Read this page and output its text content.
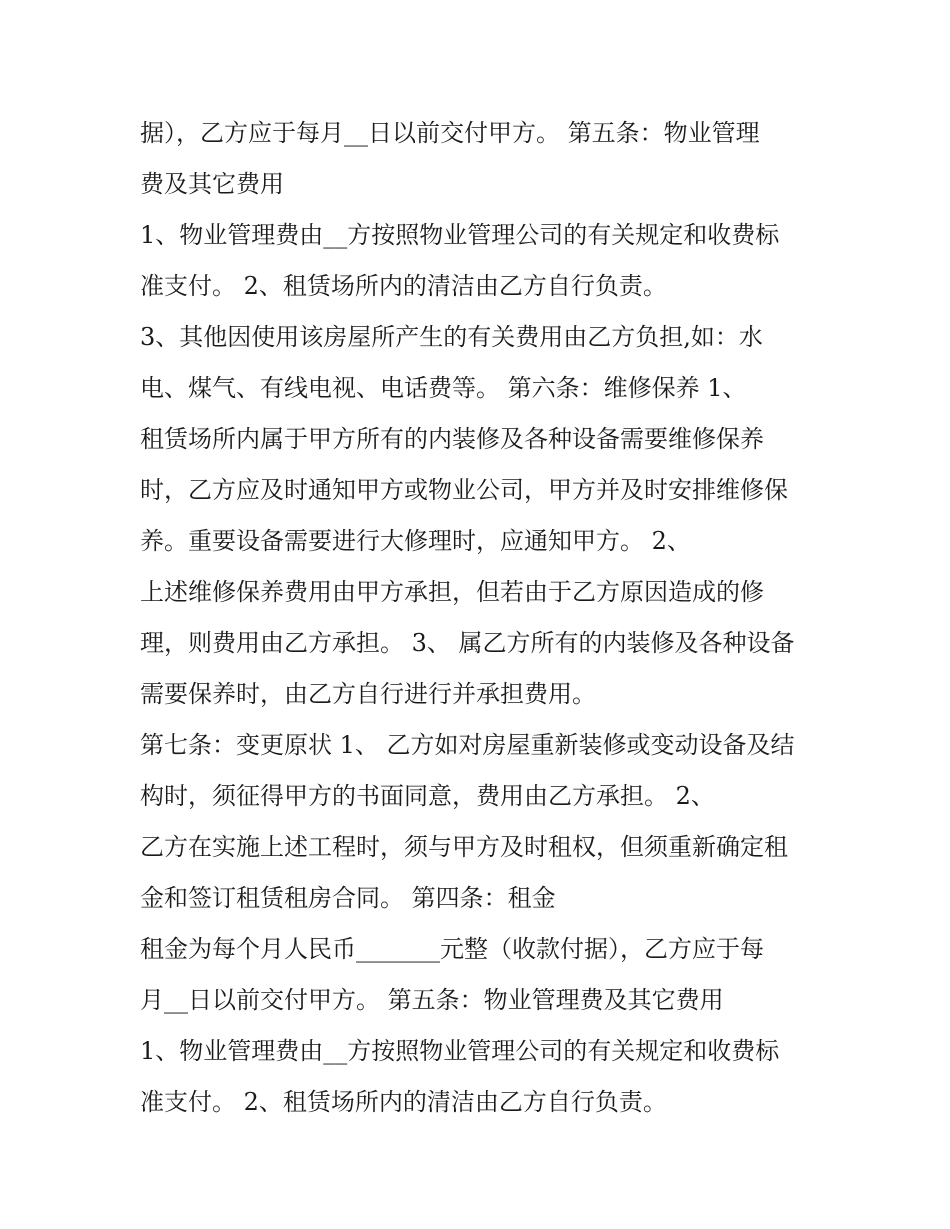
据），乙方应于每月__日以前交付甲方。 第五条：物业管理
费及其它费用
1、物业管理费由__方按照物业管理公司的有关规定和收费标
准支付。 2、租赁场所内的清洁由乙方自行负责。
3、其他因使用该房屋所产生的有关费用由乙方负担,如：水
电、煤气、有线电视、电话费等。 第六条：维修保养 1、
租赁场所内属于甲方所有的内装修及各种设备需要维修保养
时，乙方应及时通知甲方或物业公司，甲方并及时安排维修保
养。重要设备需要进行大修理时，应通知甲方。 2、
上述维修保养费用由甲方承担，但若由于乙方原因造成的修
理，则费用由乙方承担。 3、 属乙方所有的内装修及各种设备
需要保养时，由乙方自行进行并承担费用。
第七条：变更原状 1、 乙方如对房屋重新装修或变动设备及结
构时，须征得甲方的书面同意，费用由乙方承担。 2、
乙方在实施上述工程时，须与甲方及时租权，但须重新确定租
金和签订租赁租房合同。 第四条：租金
租金为每个月人民币_______元整（收款付据），乙方应于每
月__日以前交付甲方。 第五条：物业管理费及其它费用
1、物业管理费由__方按照物业管理公司的有关规定和收费标
准支付。 2、租赁场所内的清洁由乙方自行负责。
